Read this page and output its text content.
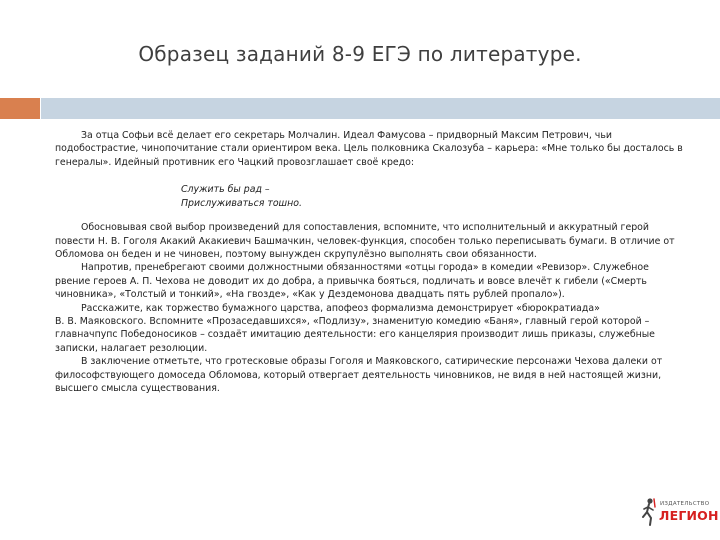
Образец заданий 8-9 ЕГЭ по литературе.

За отца Софьи всё делает его секретарь Молчалин. Идеал Фамусова – придворный Максим Петрович, чьи подобострастие, чинопочитание стали ориентиром века. Цель полковника Скалозуба – карьера: «Мне только бы досталось в генералы». Идейный противник его Чацкий провозглашает своё кредо:

Служить бы рад –
Прислуживаться тошно.

Обосновывая свой выбор произведений для сопоставления, вспомните, что исполнительный и аккуратный герой повести Н. В. Гоголя Акакий Акакиевич Башмачкин, человек-функция, способен только переписывать бумаги. В отличие от Обломова он беден и не чиновен, поэтому вынужден скрупулёзно выполнять свои обязанности.

Напротив, пренебрегают своими должностными обязанностями «отцы города» в комедии «Ревизор». Служебное рвение героев А. П. Чехова не доводит их до добра, а привычка бояться, подличать и вовсе влечёт к гибели («Смерть чиновника», «Толстый и тонкий», «На гвозде», «Как у Дездемонова двадцать пять рублей пропало»).

Расскажите, как торжество бумажного царства, апофеоз формализма демонстрирует «бюрократиада»

В. В. Маяковского. Вспомните «Прозаседавшихся», «Подлизу», знаменитую комедию «Баня», главный герой которой – главначпупс Победоносиков – создаёт имитацию деятельности: его канцелярия производит лишь приказы, служебные записки, налагает резолюции.

В заключение отметьте, что гротесковые образы Гоголя и Маяковского, сатирические персонажи Чехова далеки от философствующего домоседа Обломова, который отвергает деятельность чиновников, не видя в ней настоящей жизни, высшего смысла существования.

ИЗДАТЕЛЬСТВО
ЛЕГИОН
